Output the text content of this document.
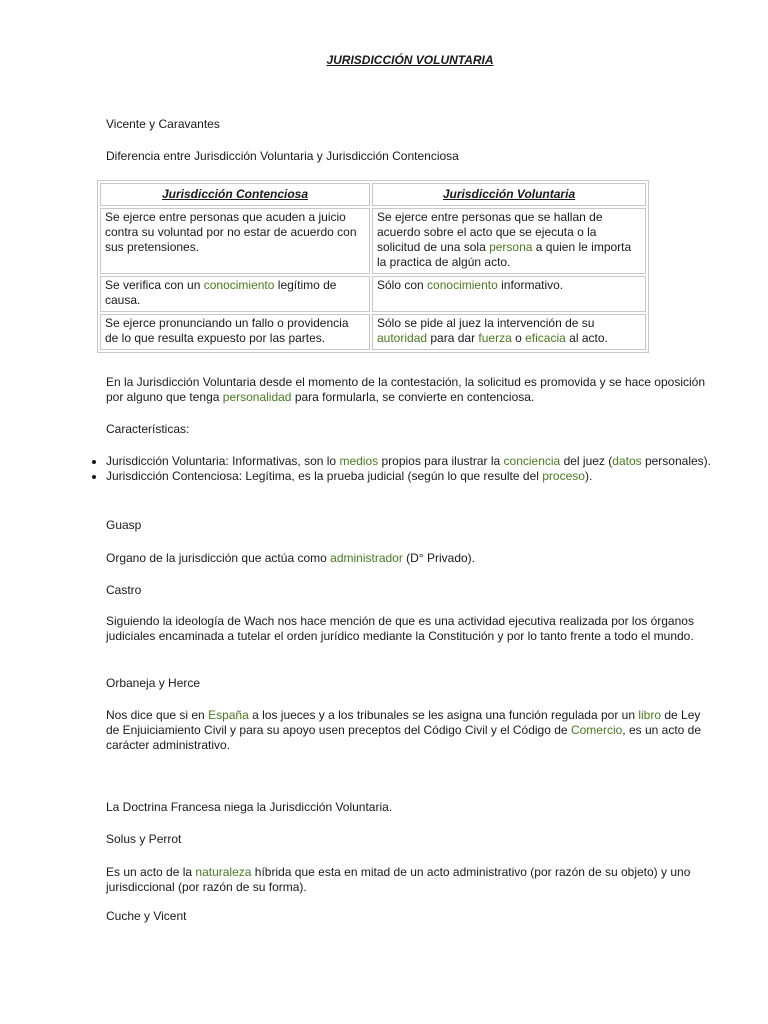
JURISDICCIÓN VOLUNTARIA

Vicente y Caravantes

Diferencia entre Jurisdicción Voluntaria y Jurisdicción Contenciosa

Jurisdicción Contenciosa	Jurisdicción Voluntaria
Se ejerce entre personas que acuden a juicio contra su voluntad por no estar de acuerdo con sus pretensiones.	Se ejerce entre personas que se hallan de acuerdo sobre el acto que se ejecuta o la solicitud de una sola persona a quien le importa la practica de algún acto.
Se verifica con un conocimiento legítimo de causa.	Sólo con conocimiento informativo.
Se ejerce pronunciando un fallo o providencia de lo que resulta expuesto por las partes.	Sólo se pide al juez la intervención de su autoridad para dar fuerza o eficacia al acto.

En la Jurisdicción Voluntaria desde el momento de la contestación, la solicitud es promovida y se hace oposición por alguno que tenga personalidad para formularla, se convierte en contenciosa.

Características:

• Jurisdicción Voluntaria: Informativas, son lo medios propios para ilustrar la conciencia del juez (datos personales).
• Jurisdicción Contenciosa: Legítima, es la prueba judicial (según lo que resulte del proceso).

Guasp

Organo de la jurisdicción que actúa como administrador (D° Privado).

Castro

Siguiendo la ideología de Wach nos hace mención de que es una actividad ejecutiva realizada por los órganos judiciales encaminada a tutelar el orden jurídico mediante la Constitución y por lo tanto frente a todo el mundo.

Orbaneja y Herce

Nos dice que si en España a los jueces y a los tribunales se les asigna una función regulada por un libro de Ley de Enjuiciamiento Civil y para su apoyo usen preceptos del Código Civil y el Código de Comercio, es un acto de carácter administrativo.

La Doctrina Francesa niega la Jurisdicción Voluntaria.

Solus y Perrot

Es un acto de la naturaleza híbrida que esta en mitad de un acto administrativo (por razón de su objeto) y uno jurisdiccional (por razón de su forma).

Cuche y Vicent
